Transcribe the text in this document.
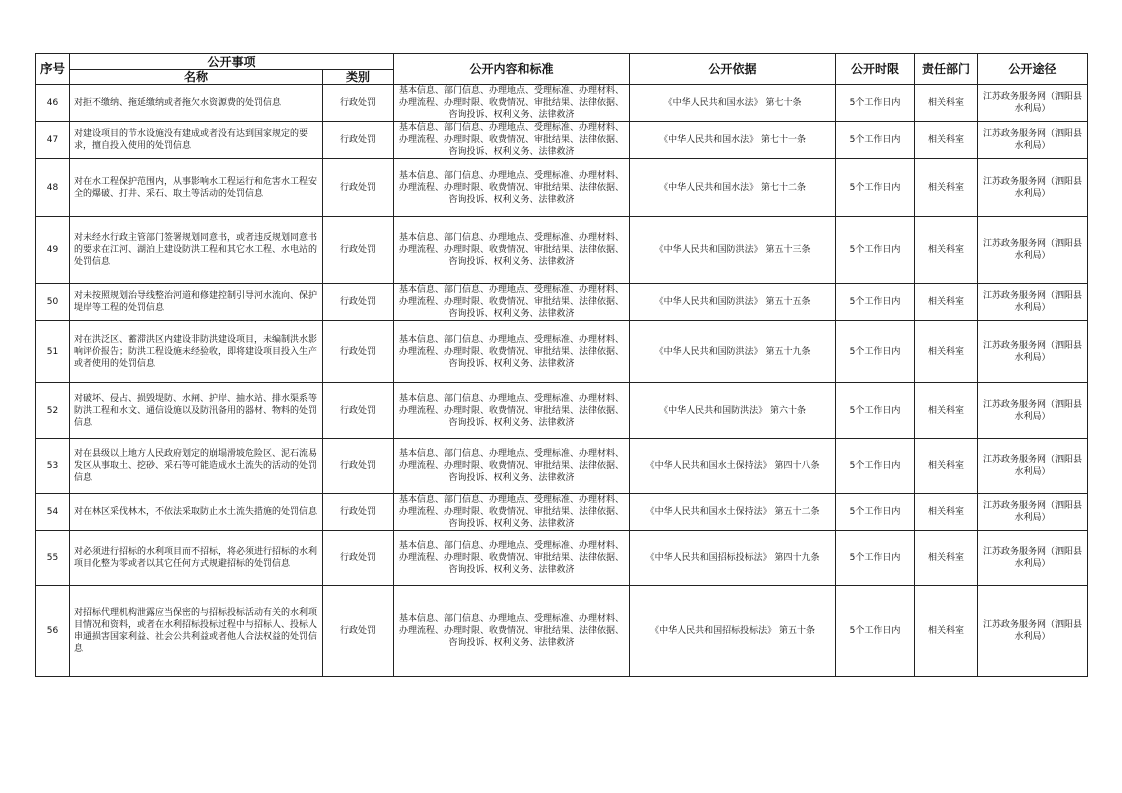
序号	公开事项		公开内容和标准	公开依据	公开时限	责任部门	公开途径
	名称	类别					
46	对拒不缴纳、拖延缴纳或者拖欠水资源费的处罚信息	行政处罚	基本信息、部门信息、办理地点、受理标准、办理材料、办理流程、办理时限、收费情况、审批结果、法律依据、咨询投诉、权利义务、法律救济	《中华人民共和国水法》 第七十条	5个工作日内	相关科室	江苏政务服务网（泗阳县水利局）
47	对建设项目的节水设施没有建成或者没有达到国家规定的要求，擅自投入使用的处罚信息	行政处罚	基本信息、部门信息、办理地点、受理标准、办理材料、办理流程、办理时限、收费情况、审批结果、法律依据、咨询投诉、权利义务、法律救济	《中华人民共和国水法》 第七十一条	5个工作日内	相关科室	江苏政务服务网（泗阳县水利局）
48	对在水工程保护范围内，从事影响水工程运行和危害水工程安全的爆破、打井、采石、取土等活动的处罚信息	行政处罚	基本信息、部门信息、办理地点、受理标准、办理材料、办理流程、办理时限、收费情况、审批结果、法律依据、咨询投诉、权利义务、法律救济	《中华人民共和国水法》 第七十二条	5个工作日内	相关科室	江苏政务服务网（泗阳县水利局）
49	对未经水行政主管部门签署规划同意书，或者违反规划同意书的要求在江河、湖泊上建设防洪工程和其它水工程、水电站的处罚信息	行政处罚	基本信息、部门信息、办理地点、受理标准、办理材料、办理流程、办理时限、收费情况、审批结果、法律依据、咨询投诉、权利义务、法律救济	《中华人民共和国防洪法》 第五十三条	5个工作日内	相关科室	江苏政务服务网（泗阳县水利局）
50	对未按照规划治导线整治河道和修建控制引导河水流向、保护堤岸等工程的处罚信息	行政处罚	基本信息、部门信息、办理地点、受理标准、办理材料、办理流程、办理时限、收费情况、审批结果、法律依据、咨询投诉、权利义务、法律救济	《中华人民共和国防洪法》 第五十五条	5个工作日内	相关科室	江苏政务服务网（泗阳县水利局）
51	对在洪泛区、蓄滞洪区内建设非防洪建设项目，未编制洪水影响评价报告；防洪工程设施未经验收，即将建设项目投入生产或者使用的处罚信息	行政处罚	基本信息、部门信息、办理地点、受理标准、办理材料、办理流程、办理时限、收费情况、审批结果、法律依据、咨询投诉、权利义务、法律救济	《中华人民共和国防洪法》 第五十九条	5个工作日内	相关科室	江苏政务服务网（泗阳县水利局）
52	对破坏、侵占、损毁堤防、水闸、护岸、抽水站、排水渠系等防洪工程和水文、通信设施以及防汛备用的器材、物料的处罚信息	行政处罚	基本信息、部门信息、办理地点、受理标准、办理材料、办理流程、办理时限、收费情况、审批结果、法律依据、咨询投诉、权利义务、法律救济	《中华人民共和国防洪法》 第六十条	5个工作日内	相关科室	江苏政务服务网（泗阳县水利局）
53	对在县级以上地方人民政府划定的崩塌滑坡危险区、泥石流易发区从事取土、挖砂、采石等可能造成水土流失的活动的处罚信息	行政处罚	基本信息、部门信息、办理地点、受理标准、办理材料、办理流程、办理时限、收费情况、审批结果、法律依据、咨询投诉、权利义务、法律救济	《中华人民共和国水土保持法》 第四十八条	5个工作日内	相关科室	江苏政务服务网（泗阳县水利局）
54	对在林区采伐林木，不依法采取防止水土流失措施的处罚信息	行政处罚	基本信息、部门信息、办理地点、受理标准、办理材料、办理流程、办理时限、收费情况、审批结果、法律依据、咨询投诉、权利义务、法律救济	《中华人民共和国水土保持法》 第五十二条	5个工作日内	相关科室	江苏政务服务网（泗阳县水利局）
55	对必须进行招标的水利项目而不招标，将必须进行招标的水利项目化整为零或者以其它任何方式规避招标的处罚信息	行政处罚	基本信息、部门信息、办理地点、受理标准、办理材料、办理流程、办理时限、收费情况、审批结果、法律依据、咨询投诉、权利义务、法律救济	《中华人民共和国招标投标法》 第四十九条	5个工作日内	相关科室	江苏政务服务网（泗阳县水利局）
56	对招标代理机构泄露应当保密的与招标投标活动有关的水利项目情况和资料，或者在水利招标投标过程中与招标人、投标人串通损害国家利益、社会公共利益或者他人合法权益的处罚信息	行政处罚	基本信息、部门信息、办理地点、受理标准、办理材料、办理流程、办理时限、收费情况、审批结果、法律依据、咨询投诉、权利义务、法律救济	《中华人民共和国招标投标法》 第五十条	5个工作日内	相关科室	江苏政务服务网（泗阳县水利局）
